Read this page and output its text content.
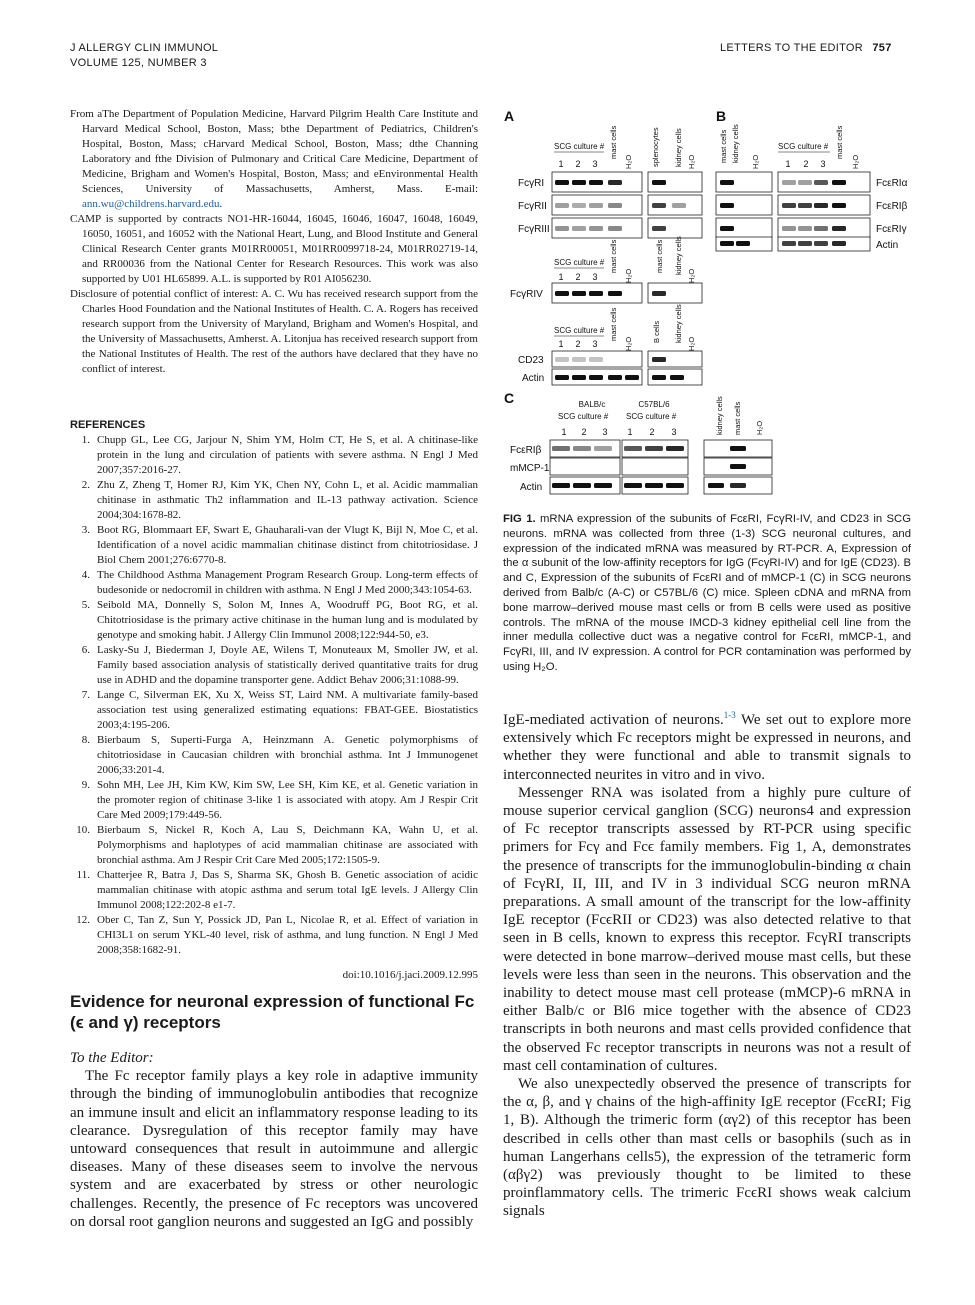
J ALLERGY CLIN IMMUNOL
VOLUME 125, NUMBER 3
LETTERS TO THE EDITOR 757

From aThe Department of Population Medicine, Harvard Pilgrim Health Care Institute and Harvard Medical School, Boston, Mass; bthe Department of Pediatrics, Children's Hospital, Boston, Mass; cHarvard Medical School, Boston, Mass; dthe Channing Laboratory and fthe Division of Pulmonary and Critical Care Medicine, Department of Medicine, Brigham and Women's Hospital, Boston, Mass; and eEnvironmental Health Sciences, University of Massachusetts, Amherst, Mass. E-mail: ann.wu@childrens.harvard.edu.

CAMP is supported by contracts NO1-HR-16044, 16045, 16046, 16047, 16048, 16049, 16050, 16051, and 16052 with the National Heart, Lung, and Blood Institute and General Clinical Research Center grants M01RR00051, M01RR0099718-24, M01RR02719-14, and RR00036 from the National Center for Research Resources. This work was also supported by U01 HL65899. A.L. is supported by R01 AI056230.

Disclosure of potential conflict of interest: A. C. Wu has received research support from the Charles Hood Foundation and the National Institutes of Health. C. A. Rogers has received research support from the University of Maryland, Brigham and Women's Hospital, and the University of Massachusetts, Amherst. A. Litonjua has received research support from the National Institutes of Health. The rest of the authors have declared that they have no conflict of interest.

REFERENCES
1. Chupp GL, Lee CG, Jarjour N, Shim YM, Holm CT, He S, et al. A chitinase-like protein in the lung and circulation of patients with severe asthma. N Engl J Med 2007;357:2016-27.
2. Zhu Z, Zheng T, Homer RJ, Kim YK, Chen NY, Cohn L, et al. Acidic mammalian chitinase in asthmatic Th2 inflammation and IL-13 pathway activation. Science 2004;304:1678-82.
3. Boot RG, Blommaart EF, Swart E, Ghauharali-van der Vlugt K, Bijl N, Moe C, et al. Identification of a novel acidic mammalian chitinase distinct from chitotriosidase. J Biol Chem 2001;276:6770-8.
4. The Childhood Asthma Management Program Research Group. Long-term effects of budesonide or nedocromil in children with asthma. N Engl J Med 2000;343:1054-63.
5. Seibold MA, Donnelly S, Solon M, Innes A, Woodruff PG, Boot RG, et al. Chitotriosidase is the primary active chitinase in the human lung and is modulated by genotype and smoking habit. J Allergy Clin Immunol 2008;122:944-50, e3.
6. Lasky-Su J, Biederman J, Doyle AE, Wilens T, Monuteaux M, Smoller JW, et al. Family based association analysis of statistically derived quantitative traits for drug use in ADHD and the dopamine transporter gene. Addict Behav 2006;31:1088-99.
7. Lange C, Silverman EK, Xu X, Weiss ST, Laird NM. A multivariate family-based association test using generalized estimating equations: FBAT-GEE. Biostatistics 2003;4:195-206.
8. Bierbaum S, Superti-Furga A, Heinzmann A. Genetic polymorphisms of chitotriosidase in Caucasian children with bronchial asthma. Int J Immunogenet 2006;33:201-4.
9. Sohn MH, Lee JH, Kim KW, Kim SW, Lee SH, Kim KE, et al. Genetic variation in the promoter region of chitinase 3-like 1 is associated with atopy. Am J Respir Crit Care Med 2009;179:449-56.
10. Bierbaum S, Nickel R, Koch A, Lau S, Deichmann KA, Wahn U, et al. Polymorphisms and haplotypes of acid mammalian chitinase are associated with bronchial asthma. Am J Respir Crit Care Med 2005;172:1505-9.
11. Chatterjee R, Batra J, Das S, Sharma SK, Ghosh B. Genetic association of acidic mammalian chitinase with atopic asthma and serum total IgE levels. J Allergy Clin Immunol 2008;122:202-8 e1-7.
12. Ober C, Tan Z, Sun Y, Possick JD, Pan L, Nicolae R, et al. Effect of variation in CHI3L1 on serum YKL-40 level, risk of asthma, and lung function. N Engl J Med 2008;358:1682-91.
doi:10.1016/j.jaci.2009.12.995
Evidence for neuronal expression of functional Fc (ϵ and γ) receptors
To the Editor:

The Fc receptor family plays a key role in adaptive immunity through the binding of immunoglobulin antibodies that recognize an immune insult and elicit an inflammatory response leading to its clearance. Dysregulation of this receptor family may have untoward consequences that result in autoimmune and allergic diseases. Many of these diseases seem to involve the nervous system and are exacerbated by stress or other neurologic challenges. Recently, the presence of Fc receptors was uncovered on dorsal root ganglion neurons and suggested an IgG and possibly

A	B
C
SCG culture #
1 2 3
mast cells
H₂O splenocytes kidney cells H₂O
FcγRI
FcγRII
FcγRIII
SCG culture #
1 2 3
mast cells
H₂O
mast cells kidney cells
H₂O
FcγRIV
SCG culture #
1 2 3
mast cells
H₂O
B cells kidney cells
H₂O
CD23
Actin
mast cells kidney cells H₂O
SCG culture #
1 2 3
mast cells
H₂O
FcεRIα
FcεRIβ
FcεRIγ
Actin
BALB/c	C57BL/6
SCG culture # SCG culture #
1 2 3 1 2 3	kidney cells mast cells H₂O
FcεRIβ
mMCP-1
Actin
FIG 1. mRNA expression of the subunits of FcεRI, FcγRI-IV, and CD23 in SCG neurons. mRNA was collected from three (1-3) SCG neuronal cultures, and expression of the indicated mRNA was measured by RT-PCR. A, Expression of the α subunit of the low-affinity receptors for IgG (FcγRI-IV) and for IgE (CD23). B and C, Expression of the subunits of FcεRI and of mMCP-1 (C) in SCG neurons derived from Balb/c (A-C) or C57BL/6 (C) mice. Spleen cDNA and mRNA from bone marrow–derived mouse mast cells or from B cells were used as positive controls. The mRNA of the mouse IMCD-3 kidney epithelial cell line from the inner medulla collective duct was a negative control for FcεRI, mMCP-1, and FcγRI, III, and IV expression. A control for PCR contamination was performed by using H₂O.

IgE-mediated activation of neurons.$^{1-3}$ We set out to explore more extensively which Fc receptors might be expressed in neurons, and whether they were functional and able to transmit signals to interconnected neurites in vitro and in vivo.

Messenger RNA was isolated from a highly pure culture of mouse superior cervical ganglion (SCG) neurons4 and expression of Fc receptor transcripts assessed by RT-PCR using specific primers for Fcγ and Fcϵ family members. Fig 1, A, demonstrates the presence of transcripts for the immunoglobulin-binding α chain of FcγRI, II, III, and IV in 3 individual SCG neuron mRNA preparations. A small amount of the transcript for the low-affinity IgE receptor (FcϵRII or CD23) was also detected relative to that seen in B cells, known to express this receptor. FcγRI transcripts were detected in bone marrow–derived mouse mast cells, but these levels were less than seen in the neurons. This observation and the inability to detect mouse mast cell protease (mMCP)-6 mRNA in either Balb/c or Bl6 mice together with the absence of CD23 transcripts in both neurons and mast cells provided confidence that the observed Fc receptor transcripts in neurons was not a result of mast cell contamination of cultures.

We also unexpectedly observed the presence of transcripts for the α, β, and γ chains of the high-affinity IgE receptor (FcϵRI; Fig 1, B). Although the trimeric form (αγ2) of this receptor has been described in cells other than mast cells or basophils (such as in human Langerhans cells5), the expression of the tetrameric form (αβγ2) was previously thought to be limited to these proinflammatory cells. The trimeric FcϵRI shows weak calcium signals
